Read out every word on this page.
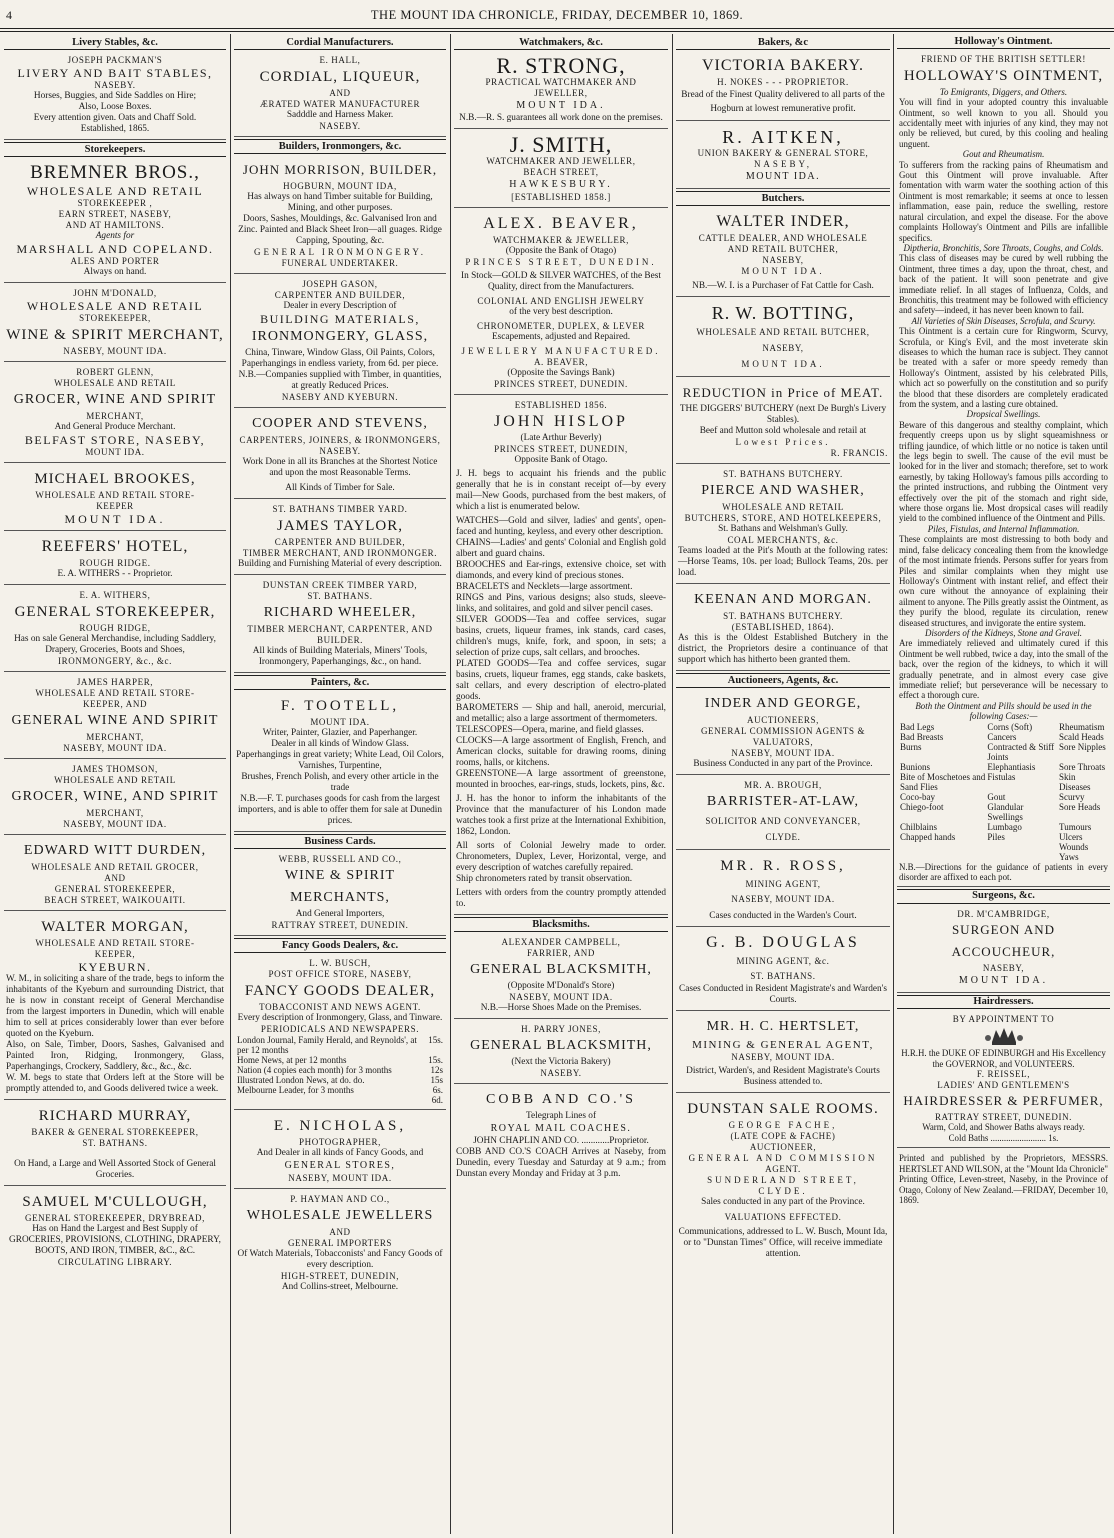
4	THE MOUNT IDA CHRONICLE, FRIDAY, DECEMBER 10, 1869.
Livery Stables, &c.
JOSEPH PACKMAN'S
LIVERY AND BAIT STABLES,
NASEBY.
Horses, Buggies, and Side Saddles on Hire;
Also, Loose Boxes.
Every attention given. Oats and Chaff Sold.
Established, 1865.
Storekeepers.
BREMNER BROS.,
WHOLESALE AND RETAIL
STOREKEEPER ,
EARN STREET, NASEBY,
AND AT HAMILTONS.
Agents for
MARSHALL AND COPELAND.
ALES AND PORTER
Always on hand.
JOHN M'DONALD,
WHOLESALE AND RETAIL
STOREKEEPER,
WINE & SPIRIT MERCHANT,
NASEBY, MOUNT IDA.
ROBERT GLENN,
WHOLESALE AND RETAIL
GROCER, WINE AND SPIRIT
MERCHANT,
And General Produce Merchant.
BELFAST STORE, NASEBY,
MOUNT IDA.
MICHAEL BROOKES,
WHOLESALE AND RETAIL STORE-
KEEPER
MOUNT IDA.
REEFERS' HOTEL,
ROUGH RIDGE.
E. A. WITHERS - - Proprietor.
E. A. WITHERS,
GENERAL STOREKEEPER,
ROUGH RIDGE,
Has on sale General Merchandise, including Saddlery, Drapery, Groceries, Boots and Shoes,
IRONMONGERY, &c., &c.
JAMES HARPER,
WHOLESALE AND RETAIL STORE-
KEEPER, AND
GENERAL WINE AND SPIRIT
MERCHANT,
NASEBY, MOUNT IDA.
JAMES THOMSON,
WHOLESALE AND RETAIL
GROCER, WINE, AND SPIRIT
MERCHANT,
NASEBY, MOUNT IDA.
EDWARD WITT DURDEN,
WHOLESALE AND RETAIL GROCER,
AND
GENERAL STOREKEEPER,
BEACH STREET, WAIKOUAITI.
WALTER MORGAN,
WHOLESALE AND RETAIL STORE-
KEEPER,
KYEBURN.
W. M., in soliciting a share of the trade, begs to inform the inhabitants of the Kyeburn and surrounding District, that he is now in constant receipt of General Merchandise from the largest importers in Dunedin, which will enable him to sell at prices considerably lower than ever before quoted on the Kyeburn.
Also, on Sale, Timber, Doors, Sashes, Galvanised and Painted Iron, Ridging, Ironmongery, Glass, Paperhangings, Crockery, Saddlery, &c., &c., &c.
W. M. begs to state that Orders left at the Store will be promptly attended to, and Goods delivered twice a week.
RICHARD MURRAY,
BAKER & GENERAL STOREKEEPER,
ST. BATHANS.
On Hand, a Large and Well Assorted Stock of General Groceries.
SAMUEL M'CULLOUGH,
GENERAL STOREKEEPER, DRYBREAD,
Has on Hand the Largest and Best Supply of GROCERIES, PROVISIONS, CLOTHING, DRAPERY, BOOTS, AND IRON, TIMBER, &C., &C.
CIRCULATING LIBRARY.
Cordial Manufacturers.
E. HALL,
CORDIAL, LIQUEUR,
AND
ÆRATED WATER MANUFACTURER
Sadddle and Harness Maker.
NASEBY.
Builders, Ironmongers, &c.
JOHN MORRISON, BUILDER,
HOGBURN, MOUNT IDA,
Has always on hand Timber suitable for Building, Mining, and other purposes.
Doors, Sashes, Mouldings, &c. Galvanised Iron and Zinc. Painted and Black Sheet Iron—all guages. Ridge Capping, Spouting, &c.
GENERAL IRONMONGERY.
FUNERAL UNDERTAKER.
JOSEPH GASON,
CARPENTER AND BUILDER,
Dealer in every Description of
BUILDING MATERIALS,
IRONMONGERY, GLASS,
China, Tinware, Window Glass, Oil Paints, Colors, Paperhangings in endless variety, from 6d. per piece.
N.B.—Companies supplied with Timber, in quantities, at greatly Reduced Prices.
NASEBY AND KYEBURN.
COOPER AND STEVENS,
CARPENTERS, JOINERS, & IRONMONGERS,
NASEBY.
Work Done in all its Branches at the Shortest Notice and upon the most Reasonable Terms.
All Kinds of Timber for Sale.
ST. BATHANS TIMBER YARD.
JAMES TAYLOR,
CARPENTER AND BUILDER,
TIMBER MERCHANT, AND IRONMONGER.
Building and Furnishing Material of every description.
DUNSTAN CREEK TIMBER YARD,
ST. BATHANS.
RICHARD WHEELER,
TIMBER MERCHANT, CARPENTER, AND BUILDER.
All kinds of Building Materials, Miners' Tools, Ironmongery, Paperhangings, &c., on hand.
Painters, &c.
F. TOOTELL,
MOUNT IDA.
Writer, Painter, Glazier, and Paperhanger.
Dealer in all kinds of Window Glass.
Paperhangings in great variety; White Lead, Oil Colors, Varnishes, Turpentine,
Brushes, French Polish, and every other article in the trade
N.B.—F. T. purchases goods for cash from the largest importers, and is able to offer them for sale at Dunedin prices.
Business Cards.
WEBB, RUSSELL AND CO.,
WINE & SPIRIT MERCHANTS,
And General Importers,
RATTRAY STREET, DUNEDIN.
Fancy Goods Dealers, &c.
L. W. BUSCH,
POST OFFICE STORE, NASEBY,
FANCY GOODS DEALER,
TOBACCONIST AND NEWS AGENT.
Every description of Ironmongery, Glass, and Tinware.
PERIODICALS AND NEWSPAPERS.
London Journal, Family Herald, and Reynolds', at per 12 months	15s.
Home News, at per 12 months	15s.
Nation (4 copies each month) for 3 months	12s
Illustrated London News, at do. do.	15s
Melbourne Leader, for 3 months	6s. 6d.
E. NICHOLAS,
PHOTOGRAPHER,
And Dealer in all kinds of Fancy Goods, and
GENERAL STORES,
NASEBY, MOUNT IDA.
P. HAYMAN AND CO.,
WHOLESALE JEWELLERS
AND
GENERAL IMPORTERS
Of Watch Materials, Tobacconists' and Fancy Goods of every description.
HIGH-STREET, DUNEDIN,
And Collins-street, Melbourne.
Watchmakers, &c.
R. STRONG,
PRACTICAL WATCHMAKER AND
JEWELLER,
MOUNT IDA.
N.B.—R. S. guarantees all work done on the premises.
J. SMITH,
WATCHMAKER AND JEWELLER,
BEACH STREET,
HAWKESBURY.
[ESTABLISHED 1858.]
ALEX. BEAVER,
WATCHMAKER & JEWELLER,
(Opposite the Bank of Otago)
PRINCES STREET, DUNEDIN.
In Stock—GOLD & SILVER WATCHES, of the Best Quality, direct from the Manufacturers.
COLONIAL AND ENGLISH JEWELRY
of the very best description.
CHRONOMETER, DUPLEX, & LEVER
Escapements, adjusted and Repaired.
JEWELLERY MANUFACTURED.
A. BEAVER,
(Opposite the Savings Bank)
PRINCES STREET, DUNEDIN.
ESTABLISHED 1856.
JOHN HISLOP
(Late Arthur Beverly)
PRINCES STREET, DUNEDIN,
Opposite Bank of Otago.
J. H. begs to acquaint his friends and the public generally that he is in constant receipt of—by every mail—New Goods, purchased from the best makers, of which a list is enumerated below.
WATCHES—Gold and silver, ladies' and gents', open-faced and hunting, keyless, and every other description.
CHAINS—Ladies' and gents' Colonial and English gold albert and guard chains.
BROOCHES and Ear-rings, extensive choice, set with diamonds, and every kind of precious stones.
BRACELETS and Necklets—large assortment.
RINGS and Pins, various designs; also studs, sleeve-links, and solitaires, and gold and silver pencil cases.
SILVER GOODS—Tea and coffee services, sugar basins, cruets, liqueur frames, ink stands, card cases, children's mugs, knife, fork, and spoon, in sets; a selection of prize cups, salt cellars, and brooches.
PLATED GOODS—Tea and coffee services, sugar basins, cruets, liqueur frames, egg stands, cake baskets, salt cellars, and every description of electro-plated goods.
BAROMETERS — Ship and hall, aneroid, mercurial, and metallic; also a large assortment of thermometers.
TELESCOPES—Opera, marine, and field glasses.
CLOCKS—A large assortment of English, French, and American clocks, suitable for drawing rooms, dining rooms, halls, or kitchens.
GREENSTONE—A large assortment of greenstone, mounted in brooches, ear-rings, studs, lockets, pins, &c.
J. H. has the honor to inform the inhabitants of the Province that the manufacturer of his London made watches took a first prize at the International Exhibition, 1862, London.
All sorts of Colonial Jewelry made to order. Chronometers, Duplex, Lever, Horizontal, verge, and every description of watches carefully repaired.
Ship chronometers rated by transit observation.
Letters with orders from the country promptly attended to.
Blacksmiths.
ALEXANDER CAMPBELL,
FARRIER, AND
GENERAL BLACKSMITH,
(Opposite M'Donald's Store)
NASEBY, MOUNT IDA.
N.B.—Horse Shoes Made on the Premises.
H. PARRY JONES,
GENERAL BLACKSMITH,
(Next the Victoria Bakery)
NASEBY.
COBB AND CO.'S
Telegraph Lines of
ROYAL MAIL COACHES.
JOHN CHAPLIN AND CO. ............Proprietor.
COBB AND CO.'S COACH Arrives at Naseby, from Dunedin, every Tuesday and Saturday at 9 a.m.; from Dunstan every Monday and Friday at 3 p.m.
Bakers, &c
VICTORIA BAKERY.
H. NOKES - - - PROPRIETOR.
Bread of the Finest Quality delivered to all parts of the Hogburn at lowest remunerative profit.
R. AITKEN,
UNION BAKERY & GENERAL STORE,
NASEBY,
MOUNT IDA.
Butchers.
WALTER INDER,
CATTLE DEALER, AND WHOLESALE
AND RETAIL BUTCHER,
NASEBY,
MOUNT IDA.
NB.—W. I. is a Purchaser of Fat Cattle for Cash.
R. W. BOTTING,
WHOLESALE AND RETAIL BUTCHER,
NASEBY,
MOUNT IDA.
REDUCTION in Price of MEAT.
THE DIGGERS' BUTCHERY (next De Burgh's Livery Stables).
Beef and Mutton sold wholesale and retail at
Lowest Prices.
R. FRANCIS.
ST. BATHANS BUTCHERY.
PIERCE AND WASHER,
WHOLESALE AND RETAIL
BUTCHERS, STORE, AND HOTELKEEPERS,
St. Bathans and Welshman's Gully.
COAL MERCHANTS, &c.
Teams loaded at the Pit's Mouth at the following rates:—Horse Teams, 10s. per load; Bullock Teams, 20s. per load.
KEENAN AND MORGAN.
ST. BATHANS BUTCHERY.
(ESTABLISHED, 1864).
As this is the Oldest Established Butchery in the district, the Proprietors desire a continuance of that support which has hitherto been granted them.
Auctioneers, Agents, &c.
INDER AND GEORGE,
AUCTIONEERS,
GENERAL COMMISSION AGENTS & VALUATORS,
NASEBY, MOUNT IDA.
Business Conducted in any part of the Province.
MR. A. BROUGH,
BARRISTER-AT-LAW,
SOLICITOR AND CONVEYANCER,
CLYDE.
MR. R. ROSS,
MINING AGENT,
NASEBY, MOUNT IDA.
Cases conducted in the Warden's Court.
G. B. DOUGLAS
MINING AGENT, &c.
ST. BATHANS.
Cases Conducted in Resident Magistrate's and Warden's Courts.
MR. H. C. HERTSLET,
MINING & GENERAL AGENT,
NASEBY, MOUNT IDA.
District, Warden's, and Resident Magistrate's Courts Business attended to.
DUNSTAN SALE ROOMS.
GEORGE FACHE,
(LATE COPE & FACHE)
AUCTIONEER,
GENERAL AND COMMISSION
AGENT.
SUNDERLAND STREET,
CLYDE.
Sales conducted in any part of the Province.
VALUATIONS EFFECTED.
Communications, addressed to L. W. Busch, Mount Ida, or to "Dunstan Times" Office, will receive immediate attention.
Holloway's Ointment.
FRIEND OF THE BRITISH SETTLER!
HOLLOWAY'S OINTMENT,
To Emigrants, Diggers, and Others.
You will find in your adopted country this invaluable Ointment, so well known to you all. Should you accidentally meet with injuries of any kind, they may not only be relieved, but cured, by this cooling and healing unguent.
Gout and Rheumatism.
To sufferers from the racking pains of Rheumatism and Gout this Ointment will prove invaluable. After fomentation with warm water the soothing action of this Ointment is most remarkable; it seems at once to lessen inflammation, ease pain, reduce the swelling, restore natural circulation, and expel the disease. For the above complaints Holloway's Ointment and Pills are infallible specifics.
Diptheria, Bronchitis, Sore Throats, Coughs, and Colds.
This class of diseases may be cured by well rubbing the Ointment, three times a day, upon the throat, chest, and back of the patient. It will soon penetrate and give immediate relief. In all stages of Influenza, Colds, and Bronchitis, this treatment may be followed with efficiency and safety—indeed, it has never been known to fail.
All Varieties of Skin Diseases, Scrofula, and Scurvy.
This Ointment is a certain cure for Ringworm, Scurvy, Scrofula, or King's Evil, and the most inveterate skin diseases to which the human race is subject. They cannot be treated with a safer or more speedy remedy than Holloway's Ointment, assisted by his celebrated Pills, which act so powerfully on the constitution and so purify the blood that these disorders are completely eradicated from the system, and a lasting cure obtained.
Dropsical Swellings.
Beware of this dangerous and stealthy complaint, which frequently creeps upon us by slight squeamishness or trifling jaundice, of which little or no notice is taken until the legs begin to swell. The cause of the evil must be looked for in the liver and stomach; therefore, set to work earnestly, by taking Holloway's famous pills according to the printed instructions, and rubbing the Ointment very effectively over the pit of the stomach and right side, where those organs lie. Most dropsical cases will readily yield to the combined influence of the Ointment and Pills.
Piles, Fistulas, and Internal Inflammation.
These complaints are most distressing to both body and mind, false delicacy concealing them from the knowledge of the most intimate friends. Persons suffer for years from Piles and similar complaints when they might use Holloway's Ointment with instant relief, and effect their own cure without the annoyance of explaining their ailment to anyone. The Pills greatly assist the Ointment, as they purify the blood, regulate its circulation, renew diseased structures, and invigorate the entire system.
Disorders of the Kidneys, Stone and Gravel.
Are immediately relieved and ultimately cured if this Ointment be well rubbed, twice a day, into the small of the back, over the region of the kidneys, to which it will gradually penetrate, and in almost every case give immediate relief; but perseverance will be necessary to effect a thorough cure.
Both the Ointment and Pills should be used in the following Cases:—
Bad Legs	Corns (Soft)	Rheumatism
Bad Breasts	Cancers	Scald Heads
Burns	Contracted & Stiff Joints	Sore Nipples
Bunions	Elephantiasis	Sore Throats
Bite of Moschetoes and Sand Flies	Fistulas	Skin Diseases
Coco-bay	Gout	Scurvy
Chiego-foot	Glandular Swellings	Sore Heads
Chilblains	Lumbago	Tumours
Chapped hands	Piles	Ulcers
		Wounds
		Yaws
N.B.—Directions for the guidance of patients in every disorder are affixed to each pot.
Surgeons, &c.
DR. M'CAMBRIDGE,
SURGEON AND ACCOUCHEUR,
NASEBY,
MOUNT IDA.
Hairdressers.
BY APPOINTMENT TO
H.R.H. the DUKE OF EDINBURGH and His Excellency the GOVERNOR, and VOLUNTEERS.
F. REISSEL,
LADIES' AND GENTLEMEN'S
HAIRDRESSER & PERFUMER,
RATTRAY STREET, DUNEDIN.
Warm, Cold, and Shower Baths always ready.
Cold Baths ......................... 1s.
Printed and published by the Proprietors, MESSRS. HERTSLET AND WILSON, at the "Mount Ida Chronicle" Printing Office, Leven-street, Naseby, in the Province of Otago, Colony of New Zealand.—FRIDAY, December 10, 1869.
